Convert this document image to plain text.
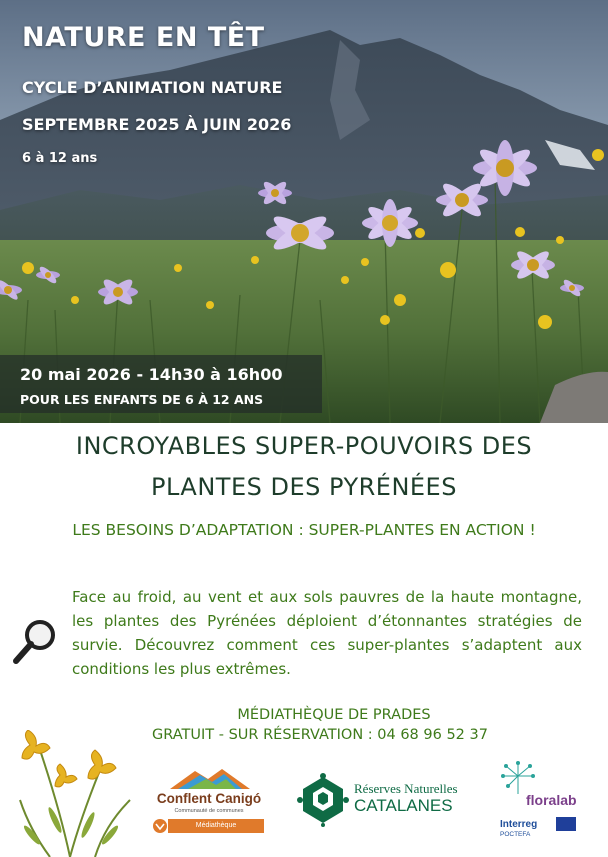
NATURE EN TÊT
CYCLE D’ANIMATION NATURE
SEPTEMBRE 2025 À JUIN 2026
6 à 12 ans
20 mai 2026 - 14h30 à 16h00
POUR LES ENFANTS DE 6 À 12 ANS
INCROYABLES SUPER-POUVOIRS DES
PLANTES DES PYRÉNÉES
LES BESOINS D’ADAPTATION : SUPER-PLANTES EN ACTION !
Face au froid, au vent et aux sols pauvres de la haute montagne, les plantes des Pyrénées déploient d’étonnantes stratégies de survie. Découvrez comment ces super-plantes s’adaptent aux conditions les plus extrêmes.
MÉDIATHÈQUE DE PRADES
GRATUIT - SUR RÉSERVATION : 04 68 96 52 37
Conflent Canigó
Communauté de communes
Médiathèque
Réserves Naturelles
CATALANES	floralab
Interreg
POCTEFA
